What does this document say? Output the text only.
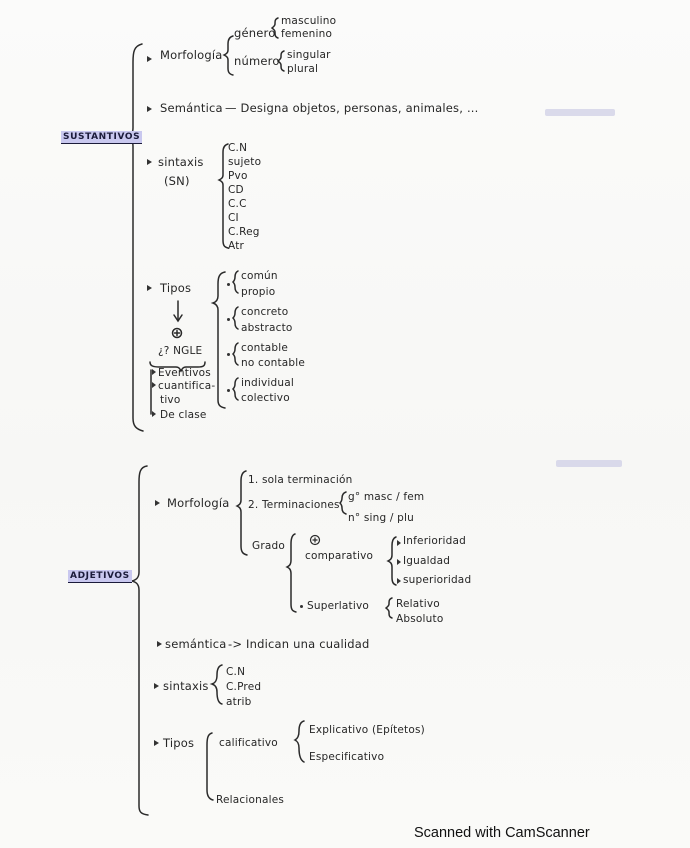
SUSTANTIVOS
Morfología
género
masculino
femenino
número singular
plural
Semántica — Designa objetos, personas, animales, ...
sintaxis
(SN)
C.N
sujeto
Pvo
CD
C.C
CI
C.Reg
Atr
Tipos
¿? NGLE
Eventivos
cuantifica-
tivo
De clase
común
propio
concreto
abstracto
contable
no contable
individual
colectivo
ADJETIVOS
Morfología
1. sola terminación
2. Terminaciones
g° masc / fem
n° sing / plu
Grado
comparativo
Inferioridad
Igualdad
superioridad
Superlativo	Relativo
Absoluto
semántica -> Indican una cualidad
sintaxis
C.N
C.Pred
atrib
Tipos calificativo
Explicativo (Epítetos)
Especificativo
Relacionales
Scanned with CamScanner
